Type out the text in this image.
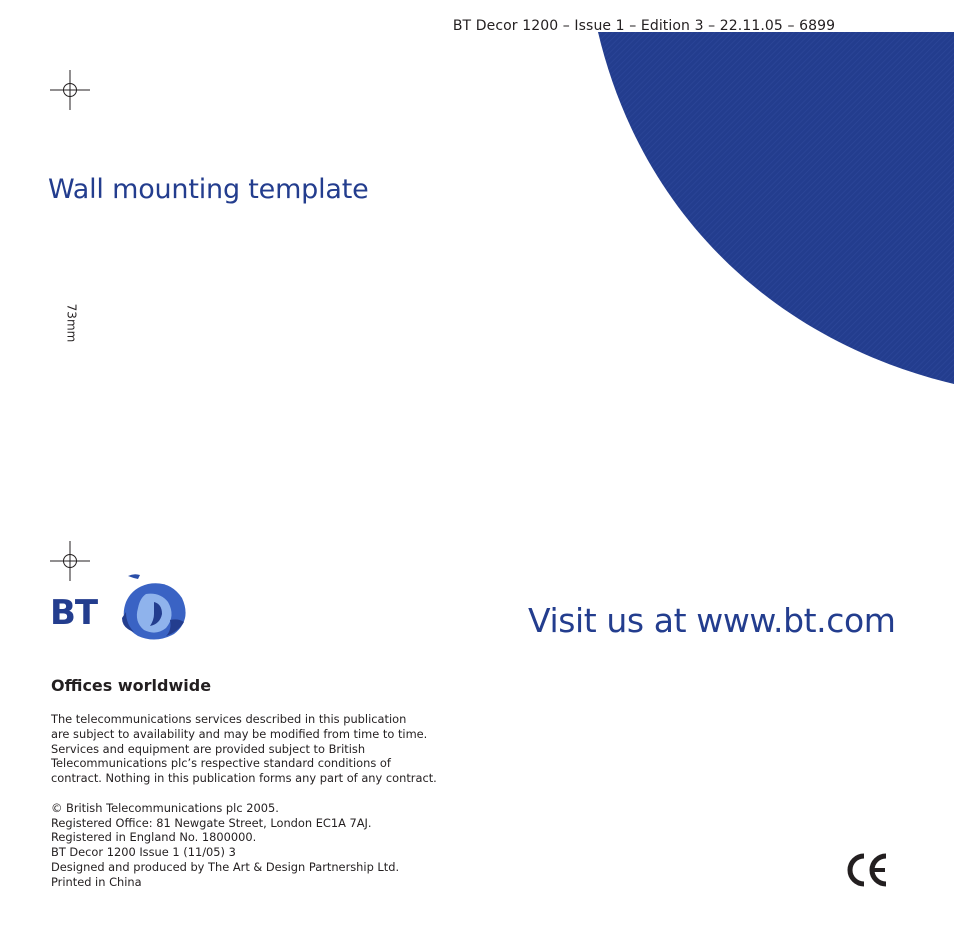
BT Decor 1200 – Issue 1 – Edition 3 – 22.11.05 – 6899
Wall mounting template
73mm
BT	Visit us at www.bt.com
Offices worldwide

The telecommunications services described in this publication

are subject to availability and may be modified from time to time.

Services and equipment are provided subject to British

Telecommunications plc’s respective standard conditions of

contract. Nothing in this publication forms any part of any contract.

© British Telecommunications plc 2005.

Registered Office: 81 Newgate Street, London EC1A 7AJ.

Registered in England No. 1800000.

BT Decor 1200 Issue 1 (11/05) 3

Designed and produced by The Art & Design Partnership Ltd.

Printed in China
